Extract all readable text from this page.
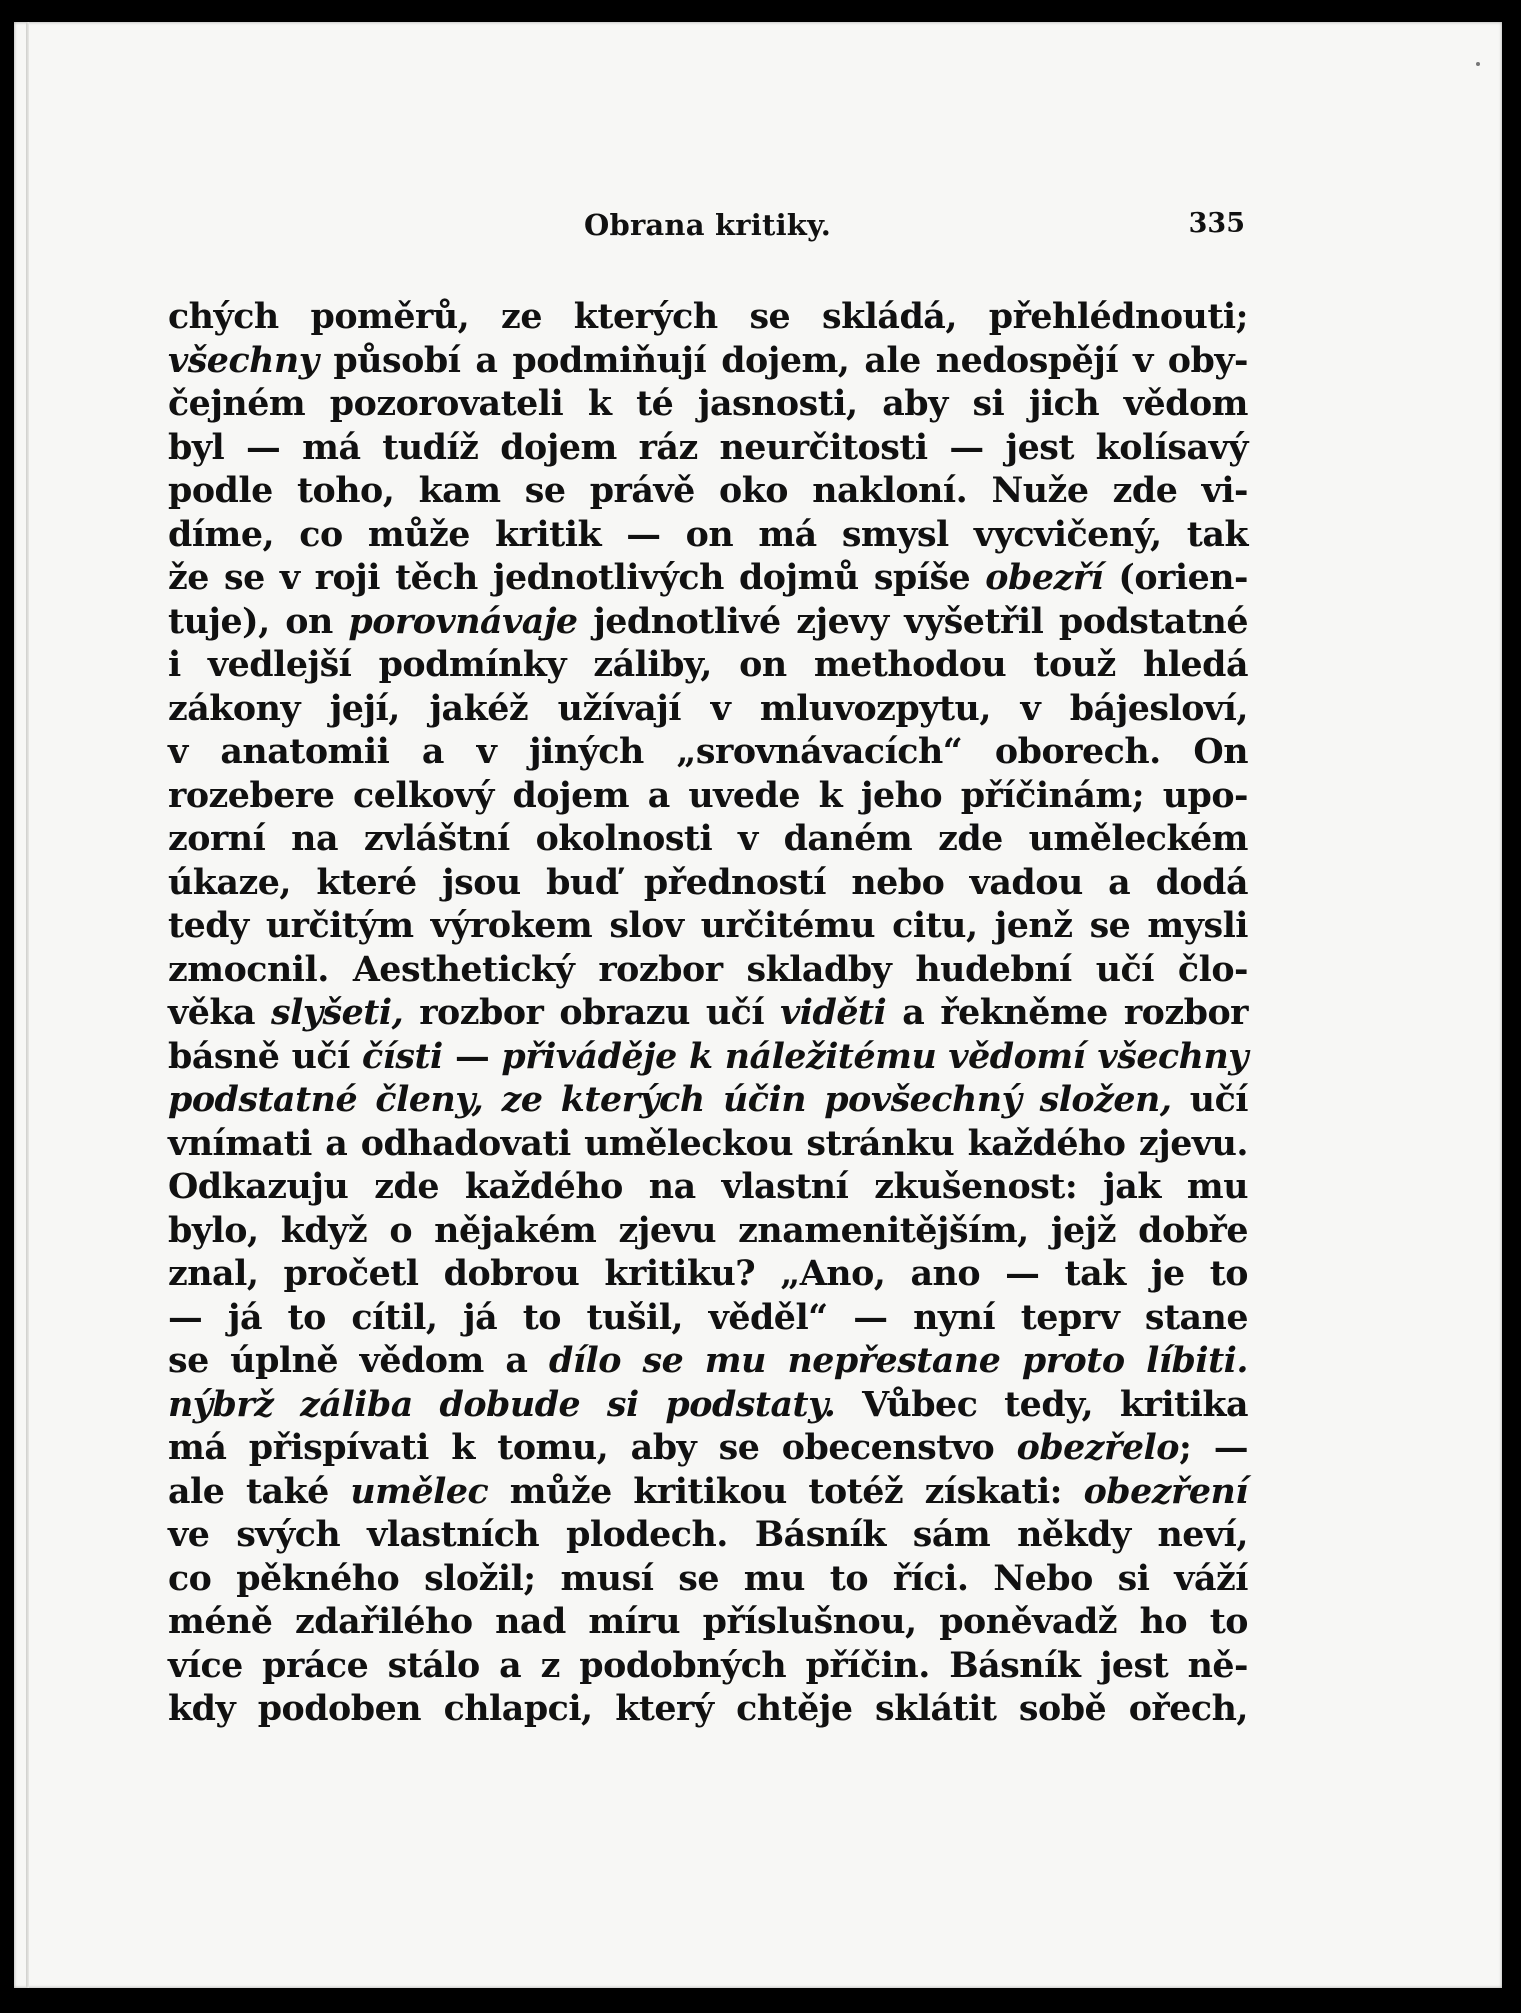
Obrana kritiky.	335
chých poměrů, ze kterých se skládá, přehlédnouti;
všechny působí a podmiňují dojem, ale nedospějí v oby-
čejném pozorovateli k té jasnosti, aby si jich vědom
byl — má tudíž dojem ráz neurčitosti — jest kolísavý
podle toho, kam se právě oko nakloní. Nuže zde vi-
díme, co může kritik — on má smysl vycvičený, tak
že se v roji těch jednotlivých dojmů spíše obezří (orien-
tuje), on porovnávaje jednotlivé zjevy vyšetřil podstatné
i vedlejší podmínky záliby, on methodou touž hledá
zákony její, jakéž užívají v mluvozpytu, v bájesloví,
v anatomii a v jiných „srovnávacích“ oborech. On
rozebere celkový dojem a uvede k jeho příčinám; upo-
zorní na zvláštní okolnosti v daném zde uměleckém
úkaze, které jsou buď předností nebo vadou a dodá
tedy určitým výrokem slov určitému citu, jenž se mysli
zmocnil. Aesthetický rozbor skladby hudební učí člo-
věka slyšeti, rozbor obrazu učí viděti a řekněme rozbor
básně učí čísti — přiváděje k náležitému vědomí všechny
podstatné členy, ze kterých účin povšechný složen, učí
vnímati a odhadovati uměleckou stránku každého zjevu.
Odkazuju zde každého na vlastní zkušenost: jak mu
bylo, když o nějakém zjevu znamenitějším, jejž dobře
znal, pročetl dobrou kritiku? „Ano, ano — tak je to
— já to cítil, já to tušil, věděl“ — nyní teprv stane
se úplně vědom a dílo se mu nepřestane proto líbiti.
nýbrž záliba dobude si podstaty. Vůbec tedy, kritika
má přispívati k tomu, aby se obecenstvo obezřelo; —
ale také umělec může kritikou totéž získati: obezření
ve svých vlastních plodech. Básník sám někdy neví,
co pěkného složil; musí se mu to říci. Nebo si váží
méně zdařilého nad míru příslušnou, poněvadž ho to
více práce stálo a z podobných příčin. Básník jest ně-
kdy podoben chlapci, který chtěje sklátit sobě ořech,
